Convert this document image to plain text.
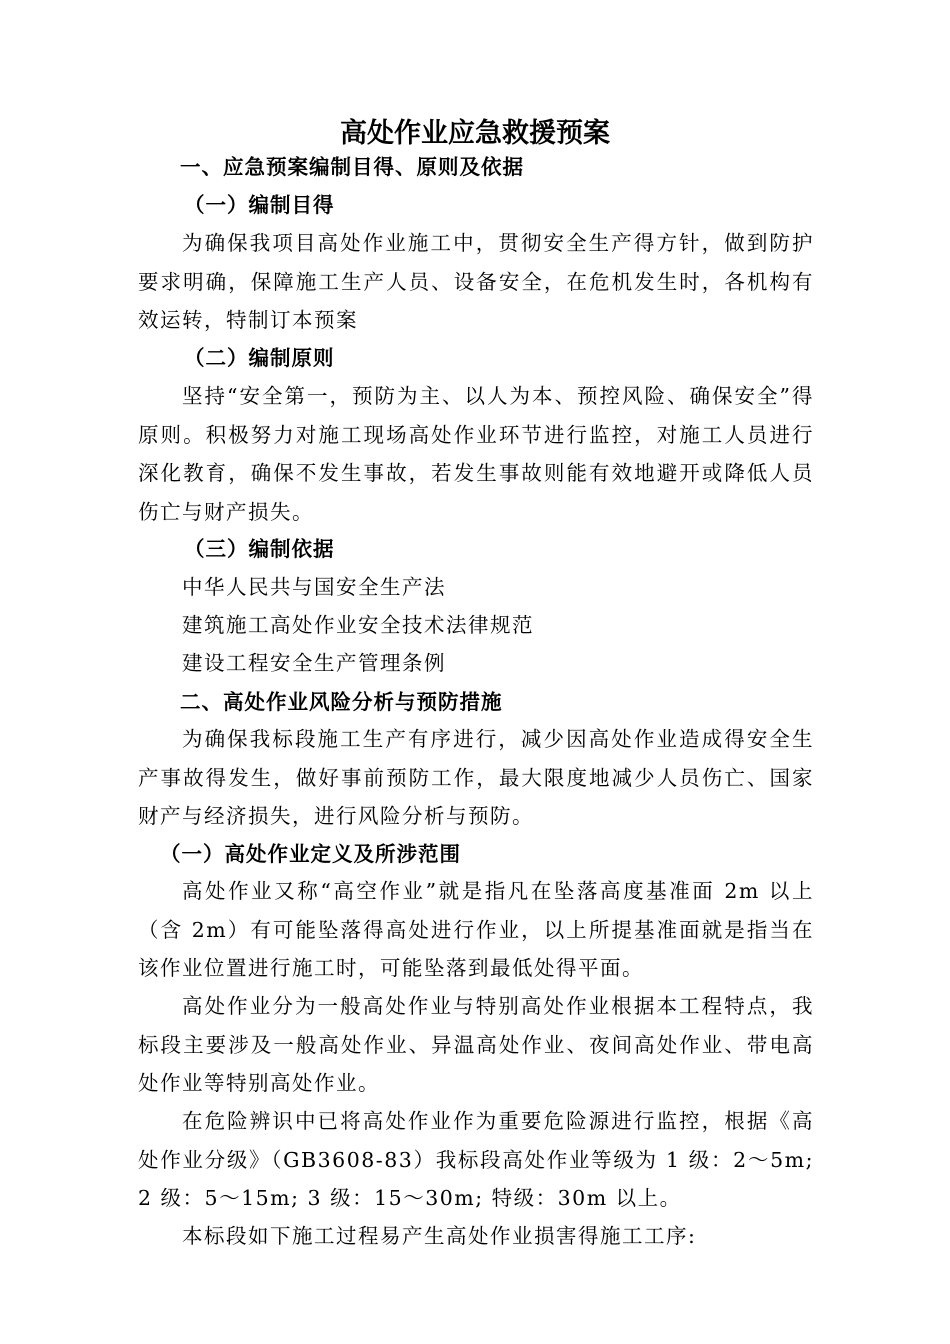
高处作业应急救援预案

一、应急预案编制目得、原则及依据

（一）编制目得

为确保我项目高处作业施工中，贯彻安全生产得方针，做到防护要求明确，保障施工生产人员、设备安全，在危机发生时，各机构有效运转，特制订本预案

（二）编制原则

坚持“安全第一，预防为主、以人为本、预控风险、确保安全”得原则。积极努力对施工现场高处作业环节进行监控，对施工人员进行深化教育，确保不发生事故，若发生事故则能有效地避开或降低人员伤亡与财产损失。

（三）编制依据

中华人民共与国安全生产法

建筑施工高处作业安全技术法律规范

建设工程安全生产管理条例

二、高处作业风险分析与预防措施

为确保我标段施工生产有序进行，减少因高处作业造成得安全生产事故得发生，做好事前预防工作，最大限度地减少人员伤亡、国家财产与经济损失，进行风险分析与预防。

（一）高处作业定义及所涉范围

高处作业又称“高空作业”就是指凡在坠落高度基准面 2m 以上（含 2m）有可能坠落得高处进行作业，以上所提基准面就是指当在该作业位置进行施工时，可能坠落到最低处得平面。

高处作业分为一般高处作业与特别高处作业根据本工程特点，我标段主要涉及一般高处作业、异温高处作业、夜间高处作业、带电高处作业等特别高处作业。

在危险辨识中已将高处作业作为重要危险源进行监控，根据《高处作业分级》（GB3608-83）我标段高处作业等级为 1 级：2～5m; 2 级：5～15m; 3 级：15～30m; 特级：30m 以上。

本标段如下施工过程易产生高处作业损害得施工工序:
